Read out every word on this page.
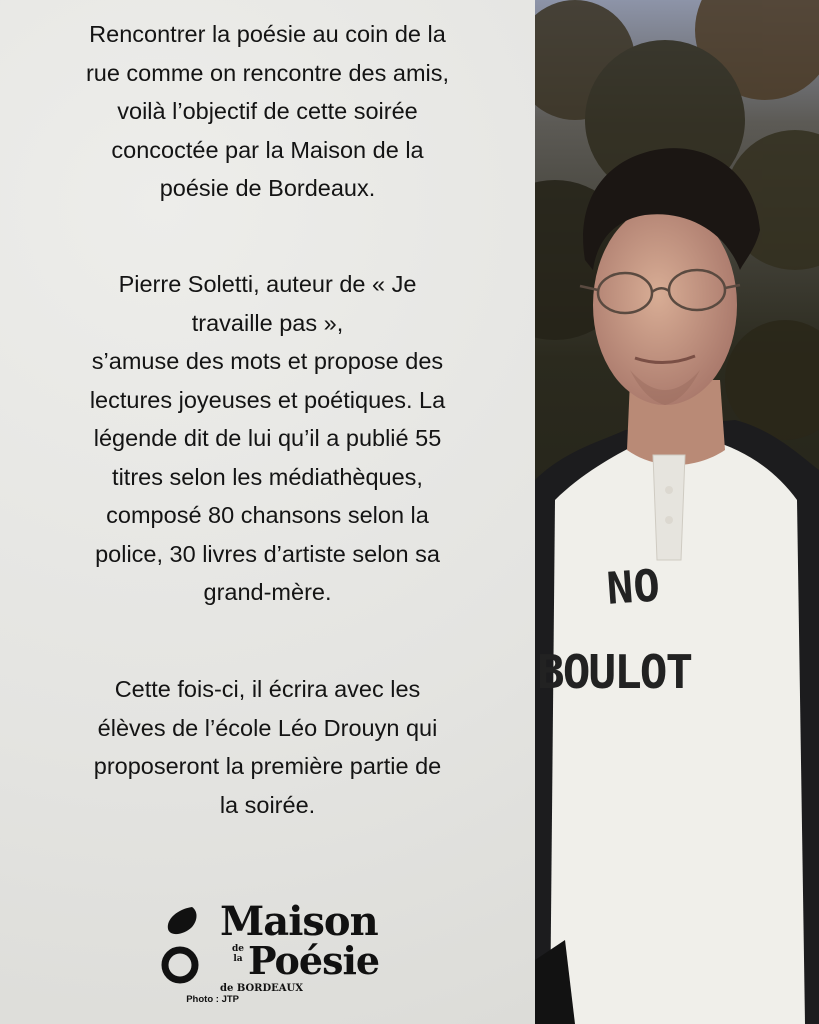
Rencontrer la poésie au coin de la
rue comme on rencontre des amis,
voilà l’objectif de cette soirée
concoctée par la Maison de la
poésie de Bordeaux.

Pierre Soletti, auteur de « Je
travaille pas »,
s’amuse des mots et propose des
lectures joyeuses et poétiques. La
légende dit de lui qu’il a publié 55
titres selon les médiathèques,
composé 80 chansons selon la
police, 30 livres d’artiste selon sa
grand-mère.

Cette fois-ci, il écrira avec les
élèves de l’école Léo Drouyn qui
proposeront la première partie de
la soirée.

Maison
de la Poésie
de BORDEAUX
Photo : JTP
NO
BOULOT
